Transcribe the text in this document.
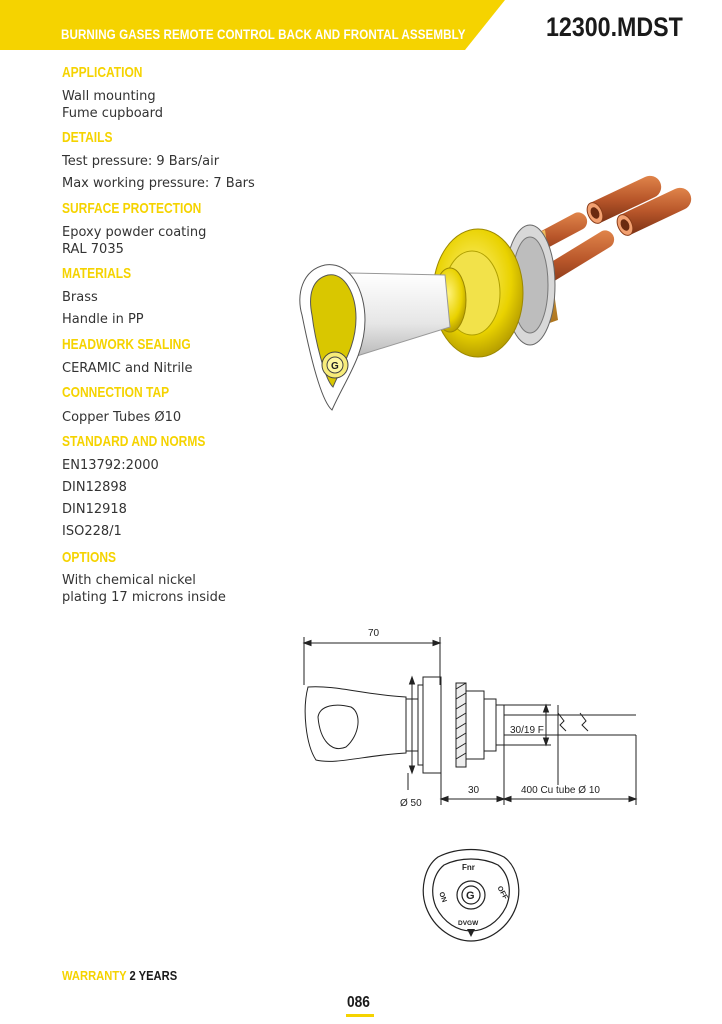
BURNING GASES REMOTE CONTROL BACK AND FRONTAL ASSEMBLY	12300.MDST
APPLICATION
Wall mounting
Fume cupboard
DETAILS
Test pressure: 9 Bars/air
Max working pressure: 7 Bars
SURFACE PROTECTION
Epoxy powder coating
RAL 7035
MATERIALS
Brass
Handle in PP
HEADWORK SEALING
CERAMIC and Nitrile
CONNECTION TAP
Copper Tubes Ø10
STANDARD AND NORMS
EN13792:2000
DIN12898
DIN12918
ISO228/1
OPTIONS
With chemical nickel
plating 17 microns inside
G
70
Ø 50
30/19 F
30	400 Cu tube Ø 10
G
Fnr
ON	OFF
DVGW
WARRANTY 2 YEARS
086
